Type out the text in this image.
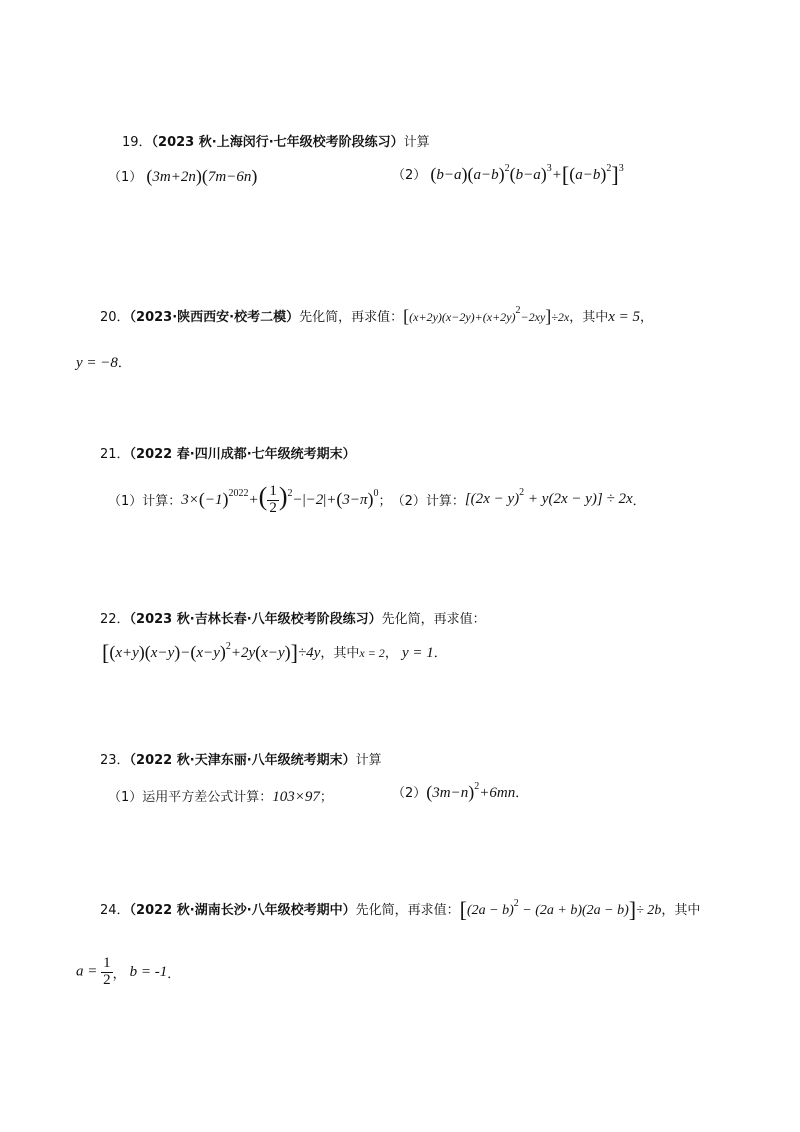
19．（2023 秋·上海闵行·七年级校考阶段练习）计算
（1） (3m+2n)(7m−6n)	（2） $(b-a)(a-b)^2(b-a)^3+[(a-b)^2]^3$
20．（2023·陕西西安·校考二模）先化简，再求值：$[(x+2y)(x-2y)+(x+2y)^2-2xy]\div 2x$，其中x = 5，
y = −8．
21．（2022 春·四川成都·七年级统考期末）
（1）计算： $3\times(-1)^{2022}+( \frac{1}{2} )^2-|-2|+(3-\pi)^0$
； （2）计算： $[(2x - y)^2 + y(2x - y)] \div 2x$ ．
22．（2023 秋·吉林长春·八年级校考阶段练习）先化简，再求值：
$[(x+y)(x-y)-(x-y)^2+2y(x-y)]\div 4y$，其中x = 2， y = 1．
23．（2022 秋·天津东丽·八年级统考期末）计算
（1）运用平方差公式计算：103×97；	$(2)(3m-n)^2+6mn$．
24．（2022 秋·湖南长沙·八年级校考期中）先化简，再求值：$[(2a - b)^2 - (2a + b)(2a - b)]\div 2b$，其中
$a = \frac{1}{2}$ ， b = -1 ．
